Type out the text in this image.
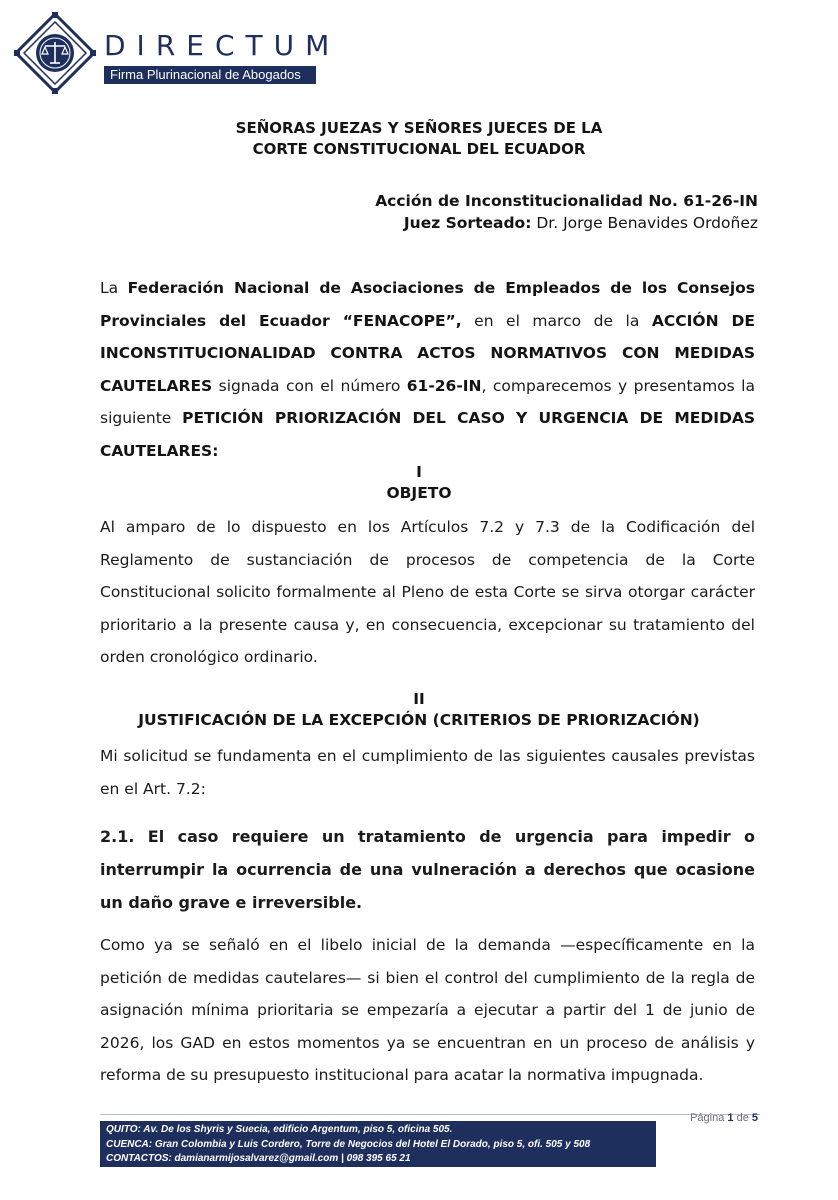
DIRECTUM
Firma Plurinacional de Abogados
SEÑORAS JUEZAS Y SEÑORES JUECES DE LA
CORTE CONSTITUCIONAL DEL ECUADOR
Acción de Inconstitucionalidad No. 61-26-IN
Juez Sorteado: Dr. Jorge Benavides Ordoñez
La Federación Nacional de Asociaciones de Empleados de los Consejos Provinciales del Ecuador “FENACOPE”, en el marco de la ACCIÓN DE INCONSTITUCIONALIDAD CONTRA ACTOS NORMATIVOS CON MEDIDAS CAUTELARES signada con el número 61-26-IN, comparecemos y presentamos la siguiente PETICIÓN PRIORIZACIÓN DEL CASO Y URGENCIA DE MEDIDAS CAUTELARES:
I
OBJETO
Al amparo de lo dispuesto en los Artículos 7.2 y 7.3 de la Codificación del Reglamento de sustanciación de procesos de competencia de la Corte Constitucional solicito formalmente al Pleno de esta Corte se sirva otorgar carácter prioritario a la presente causa y, en consecuencia, excepcionar su tratamiento del orden cronológico ordinario.
II
JUSTIFICACIÓN DE LA EXCEPCIÓN (CRITERIOS DE PRIORIZACIÓN)
Mi solicitud se fundamenta en el cumplimiento de las siguientes causales previstas en el Art. 7.2:
2.1. El caso requiere un tratamiento de urgencia para impedir o interrumpir la ocurrencia de una vulneración a derechos que ocasione un daño grave e irreversible.
Como ya se señaló en el libelo inicial de la demanda —específicamente en la petición de medidas cautelares— si bien el control del cumplimiento de la regla de asignación mínima prioritaria se empezaría a ejecutar a partir del 1 de junio de 2026, los GAD en estos momentos ya se encuentran en un proceso de análisis y reforma de su presupuesto institucional para acatar la normativa impugnada.
Página 1 de 5
QUITO: Av. De los Shyris y Suecia, edificio Argentum, piso 5, oficina 505.
CUENCA: Gran Colombia y Luis Cordero, Torre de Negocios del Hotel El Dorado, piso 5, ofi. 505 y 508
CONTACTOS: damianarmijosalvarez@gmail.com | 098 395 65 21
